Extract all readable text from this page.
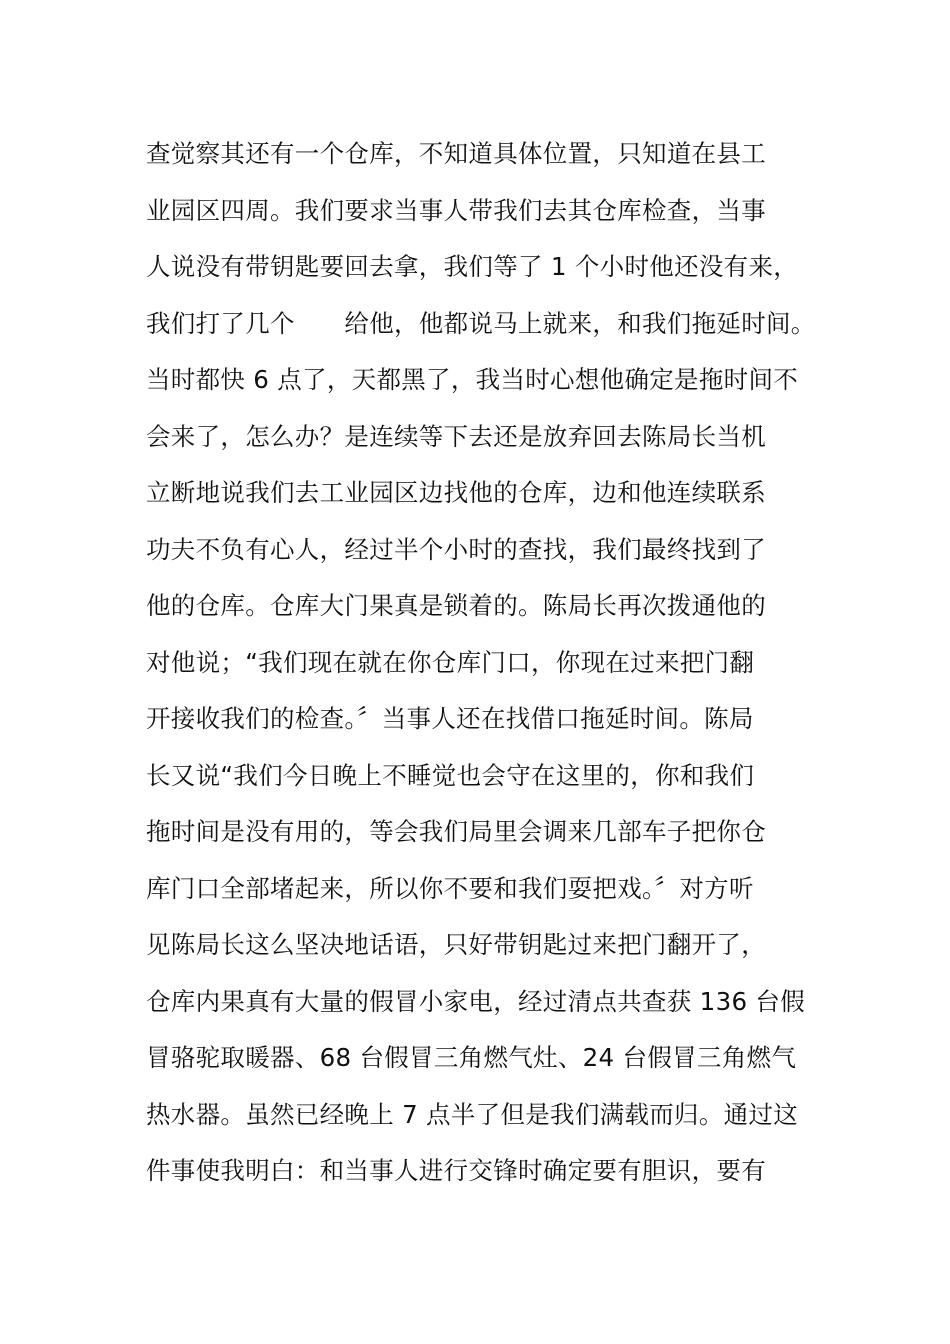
查觉察其还有一个仓库，不知道具体位置，只知道在县工
业园区四周。我们要求当事人带我们去其仓库检查，当事
人说没有带钥匙要回去拿，我们等了 1 个小时他还没有来，
我们打了几个　　给他，他都说马上就来，和我们拖延时间。
当时都快 6 点了，天都黑了，我当时心想他确定是拖时间不
会来了，怎么办？是连续等下去还是放弃回去陈局长当机
立断地说我们去工业园区边找他的仓库，边和他连续联系
功夫不负有心人，经过半个小时的查找，我们最终找到了
他的仓库。仓库大门果真是锁着的。陈局长再次拨通他的
对他说；“我们现在就在你仓库门口，你现在过来把门翻
开接收我们的检查。〞当事人还在找借口拖延时间。陈局
长又说“我们今日晚上不睡觉也会守在这里的，你和我们
拖时间是没有用的，等会我们局里会调来几部车子把你仓
库门口全部堵起来，所以你不要和我们耍把戏。〞对方听
见陈局长这么坚决地话语，只好带钥匙过来把门翻开了，
仓库内果真有大量的假冒小家电，经过清点共查获 136 台假
冒骆驼取暖器、68 台假冒三角燃气灶、24 台假冒三角燃气
热水器。虽然已经晚上 7 点半了但是我们满载而归。通过这
件事使我明白：和当事人进行交锋时确定要有胆识，要有
